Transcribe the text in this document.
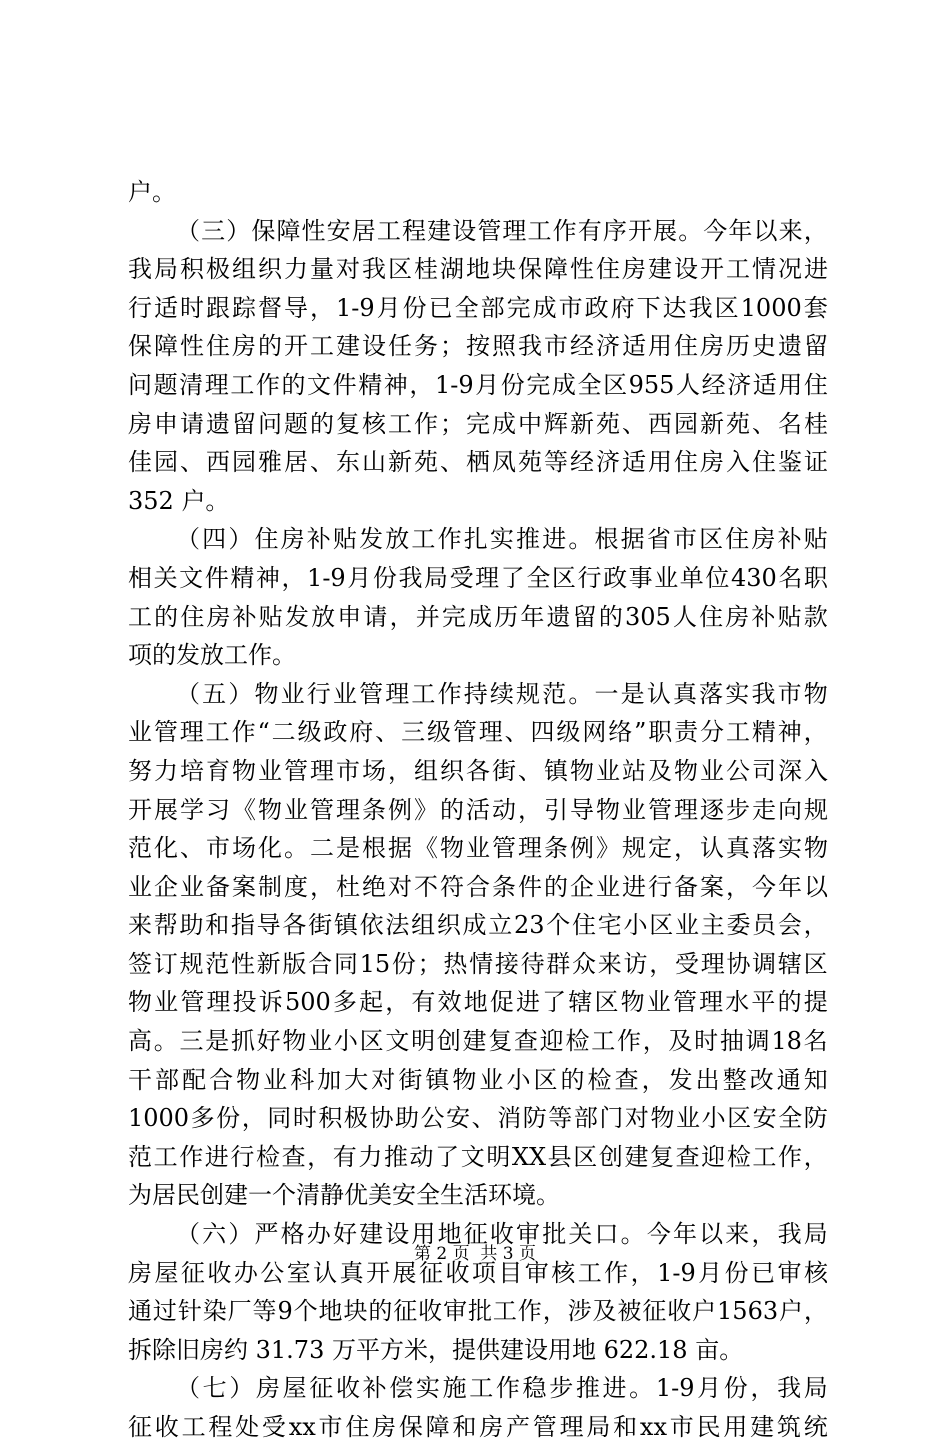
户。
（ 三 ） 保 障 性 安 居 工 程 建 设 管 理 工 作 有 序 开 展 。 今 年 以 来 ，
我 局 积 极 组 织 力 量 对 我 区 桂 湖 地 块 保 障 性 住 房 建 设 开 工 情 况 进
行 适 时 跟 踪 督 导 ， 1-9 月 份 已 全 部 完 成 市 政 府 下 达 我 区 1000 套
保 障 性 住 房 的 开 工 建 设 任 务 ； 按 照 我 市 经 济 适 用 住 房 历 史 遗 留
问 题 清 理 工 作 的 文 件 精 神 ， 1-9 月 份 完 成 全 区 955 人 经 济 适 用 住
房 申 请 遗 留 问 题 的 复 核 工 作 ； 完 成 中 辉 新 苑 、 西 园 新 苑 、 名 桂
佳 园 、 西 园 雅 居 、 东 山 新 苑 、 栖 凤 苑 等 经 济 适 用 住 房 入 住 鉴 证
352 户。
（ 四 ） 住 房 补 贴 发 放 工 作 扎 实 推 进 。 根 据 省 市 区 住 房 补 贴
相 关 文 件 精 神 ， 1-9 月 份 我 局 受 理 了 全 区 行 政 事 业 单 位 430 名 职
工 的 住 房 补 贴 发 放 申 请 ， 并 完 成 历 年 遗 留 的 305 人 住 房 补 贴 款
项的发放工作。
（ 五 ） 物 业 行 业 管 理 工 作 持 续 规 范 。 一 是 认 真 落 实 我 市 物
业 管 理 工 作 “ 二 级 政 府 、 三 级 管 理 、 四 级 网 络 ” 职 责 分 工 精 神 ，
努 力 培 育 物 业 管 理 市 场 ， 组 织 各 街 、 镇 物 业 站 及 物 业 公 司 深 入
开 展 学 习 《 物 业 管 理 条 例 》 的 活 动 ， 引 导 物 业 管 理 逐 步 走 向 规
范 化 、 市 场 化 。 二 是 根 据 《 物 业 管 理 条 例 》 规 定 ， 认 真 落 实 物
业 企 业 备 案 制 度 ， 杜 绝 对 不 符 合 条 件 的 企 业 进 行 备 案 ， 今 年 以
来 帮 助 和 指 导 各 街 镇 依 法 组 织 成 立 23 个 住 宅 小 区 业 主 委 员 会 ，
签 订 规 范 性 新 版 合 同 15 份 ； 热 情 接 待 群 众 来 访 ， 受 理 协 调 辖 区
物 业 管 理 投 诉 500 多 起 ， 有 效 地 促 进 了 辖 区 物 业 管 理 水 平 的 提
高 。 三 是 抓 好 物 业 小 区 文 明 创 建 复 查 迎 检 工 作 ， 及 时 抽 调 18 名
干 部 配 合 物 业 科 加 大 对 街 镇 物 业 小 区 的 检 查 ， 发 出 整 改 通 知
1000 多 份 ， 同 时 积 极 协 助 公 安 、 消 防 等 部 门 对 物 业 小 区 安 全 防
范 工 作 进 行 检 查 ， 有 力 推 动 了 文 明 XX 县 区 创 建 复 查 迎 检 工 作 ，
为居民创建一个清静优美安全生活环境。
（ 六 ） 严 格 办 好 建 设 用 地 征 收 审 批 关 口 。 今 年 以 来 ， 我 局
房 屋 征 收 办 公 室 认 真 开 展 征 收 项 目 审 核 工 作 ， 1-9 月 份 已 审 核
通 过 针 染 厂 等 9 个 地 块 的 征 收 审 批 工 作 ， 涉 及 被 征 收 户 1563 户 ，
拆除旧房约 31.73 万平方米，提供建设用地 622.18 亩。
（ 七 ） 房 屋 征 收 补 偿 实 施 工 作 稳 步 推 进 。 1-9 月 份 ， 我 局
征 收 工 程 处 受 xx 市 住 房 保 障 和 房 产 管 理 局 和 xx 市 民 用 建 筑 统
第 2 页  共 3 页
